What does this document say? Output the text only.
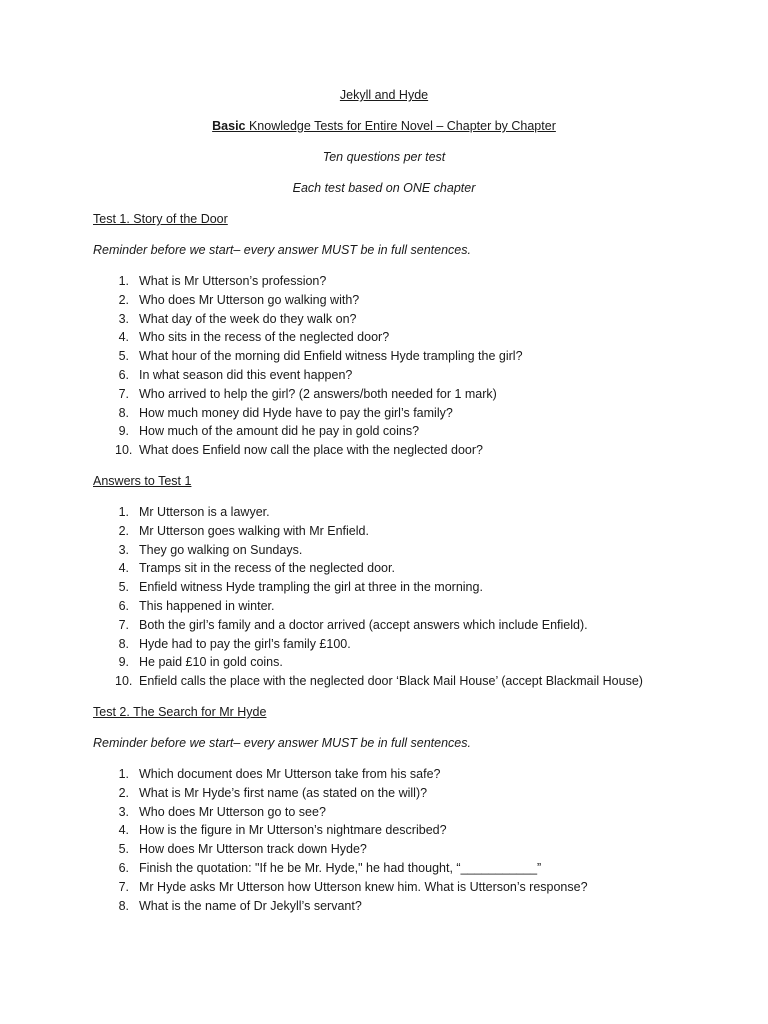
Jekyll and Hyde

Basic Knowledge Tests for Entire Novel – Chapter by Chapter

Ten questions per test

Each test based on ONE chapter

Test 1. Story of the Door

Reminder before we start– every answer MUST be in full sentences.

1 . What is Mr Utterson’s profession?
2 . Who does Mr Utterson go walking with?
3 . What day of the week do they walk on?
4 . Who sits in the recess of the neglected door?
5 . What hour of the morning did Enfield witness Hyde trampling the girl?
6 . In what season did this event happen?
7 . Who arrived to help the girl? (2 answers/both needed for 1 mark)
8 . How much money did Hyde have to pay the girl’s family?
9 . How much of the amount did he pay in gold coins?
10 . What does Enfield now call the place with the neglected door?

Answers to Test 1

1 . Mr Utterson is a lawyer.
2 . Mr Utterson goes walking with Mr Enfield.
3 . They go walking on Sundays.
4 . Tramps sit in the recess of the neglected door.
5 . Enfield witness Hyde trampling the girl at three in the morning.
6 . This happened in winter.
7 . Both the girl’s family and a doctor arrived (accept answers which include Enfield).
8 . Hyde had to pay the girl’s family £100.
9 . He paid £10 in gold coins.
10 . Enfield calls the place with the neglected door ‘Black Mail House’ (accept Blackmail House)

Test 2. The Search for Mr Hyde

Reminder before we start– every answer MUST be in full sentences.

1 . Which document does Mr Utterson take from his safe?
2 . What is Mr Hyde’s first name (as stated on the will)?
3 . Who does Mr Utterson go to see?
4 . How is the figure in Mr Utterson’s nightmare described?
5 . How does Mr Utterson track down Hyde?
6 . Finish the quotation: "If he be Mr. Hyde," he had thought, “___________”
7 . Mr Hyde asks Mr Utterson how Utterson knew him. What is Utterson’s response?
8 . What is the name of Dr Jekyll’s servant?
